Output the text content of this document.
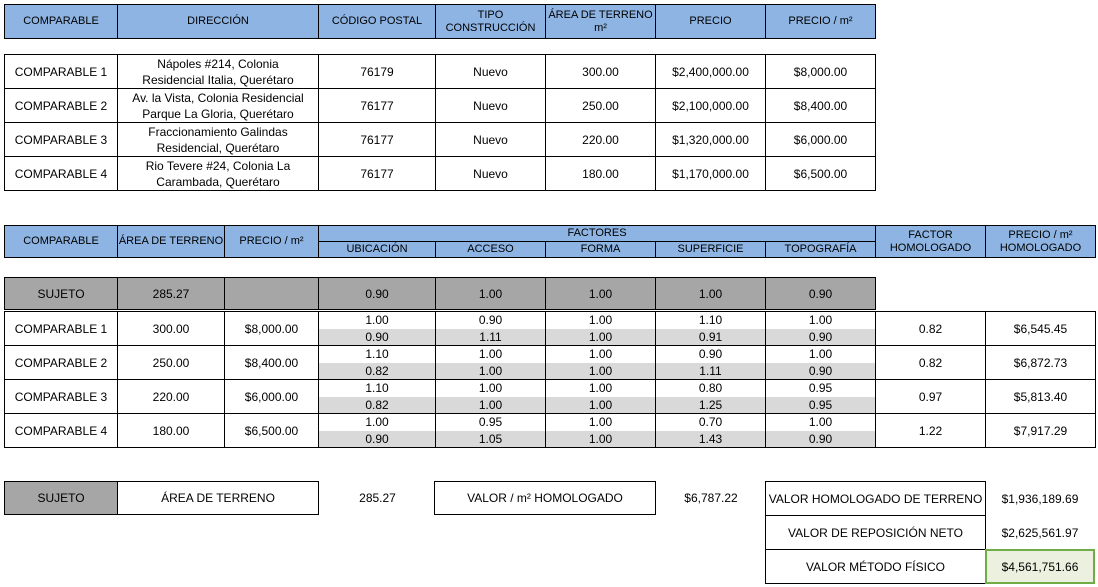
COMPARABLE	DIRECCIÓN	CÓDIGO POSTAL	TIPO CONSTRUCCIÓN	ÁREA DE TERRENO m²	PRECIO	PRECIO / m²
COMPARABLE 1	Nápoles #214, Colonia Residencial Italia, Querétaro	76179	Nuevo	300.00	$2,400,000.00	$8,000.00
COMPARABLE 2	Av. la Vista, Colonia Residencial Parque La Gloria, Querétaro	76177	Nuevo	250.00	$2,100,000.00	$8,400.00
COMPARABLE 3	Fraccionamiento Galindas Residencial, Querétaro	76177	Nuevo	220.00	$1,320,000.00	$6,000.00
COMPARABLE 4	Rio Tevere #24, Colonia La Carambada, Querétaro	76177	Nuevo	180.00	$1,170,000.00	$6,500.00
COMPARABLE	ÁREA DE TERRENO	PRECIO / m²	FACTORES					FACTOR HOMOLOGADO	PRECIO / m² HOMOLOGADO
			UBICACIÓN	ACCESO	FORMA	SUPERFICIE	TOPOGRAFÍA		
SUJETO	285.27		0.90	1.00	1.00	1.00	0.90
COMPARABLE 1	300.00	$8,000.00	1.00	0.90	1.00	1.10	1.00	0.82	$6,545.45
			0.90	1.11	1.00	0.91	0.90		
COMPARABLE 2	250.00	$8,400.00	1.10	1.00	1.00	0.90	1.00	0.82	$6,872.73
			0.82	1.00	1.00	1.11	0.90		
COMPARABLE 3	220.00	$6,000.00	1.10	1.00	1.00	0.80	0.95	0.97	$5,813.40
			0.82	1.00	1.00	1.25	0.95		
COMPARABLE 4	180.00	$6,500.00	1.00	0.95	1.00	0.70	1.00	1.22	$7,917.29
			0.90	1.05	1.00	1.43	0.90		
SUJETO	ÁREA DE TERRENO	285.27	VALOR / m² HOMOLOGADO	$6,787.22	VALOR HOMOLOGADO DE TERRENO	$1,936,189.69
VALOR DE REPOSICIÓN NETO	$2,625,561.97
VALOR MÉTODO FÍSICO	$4,561,751.66
